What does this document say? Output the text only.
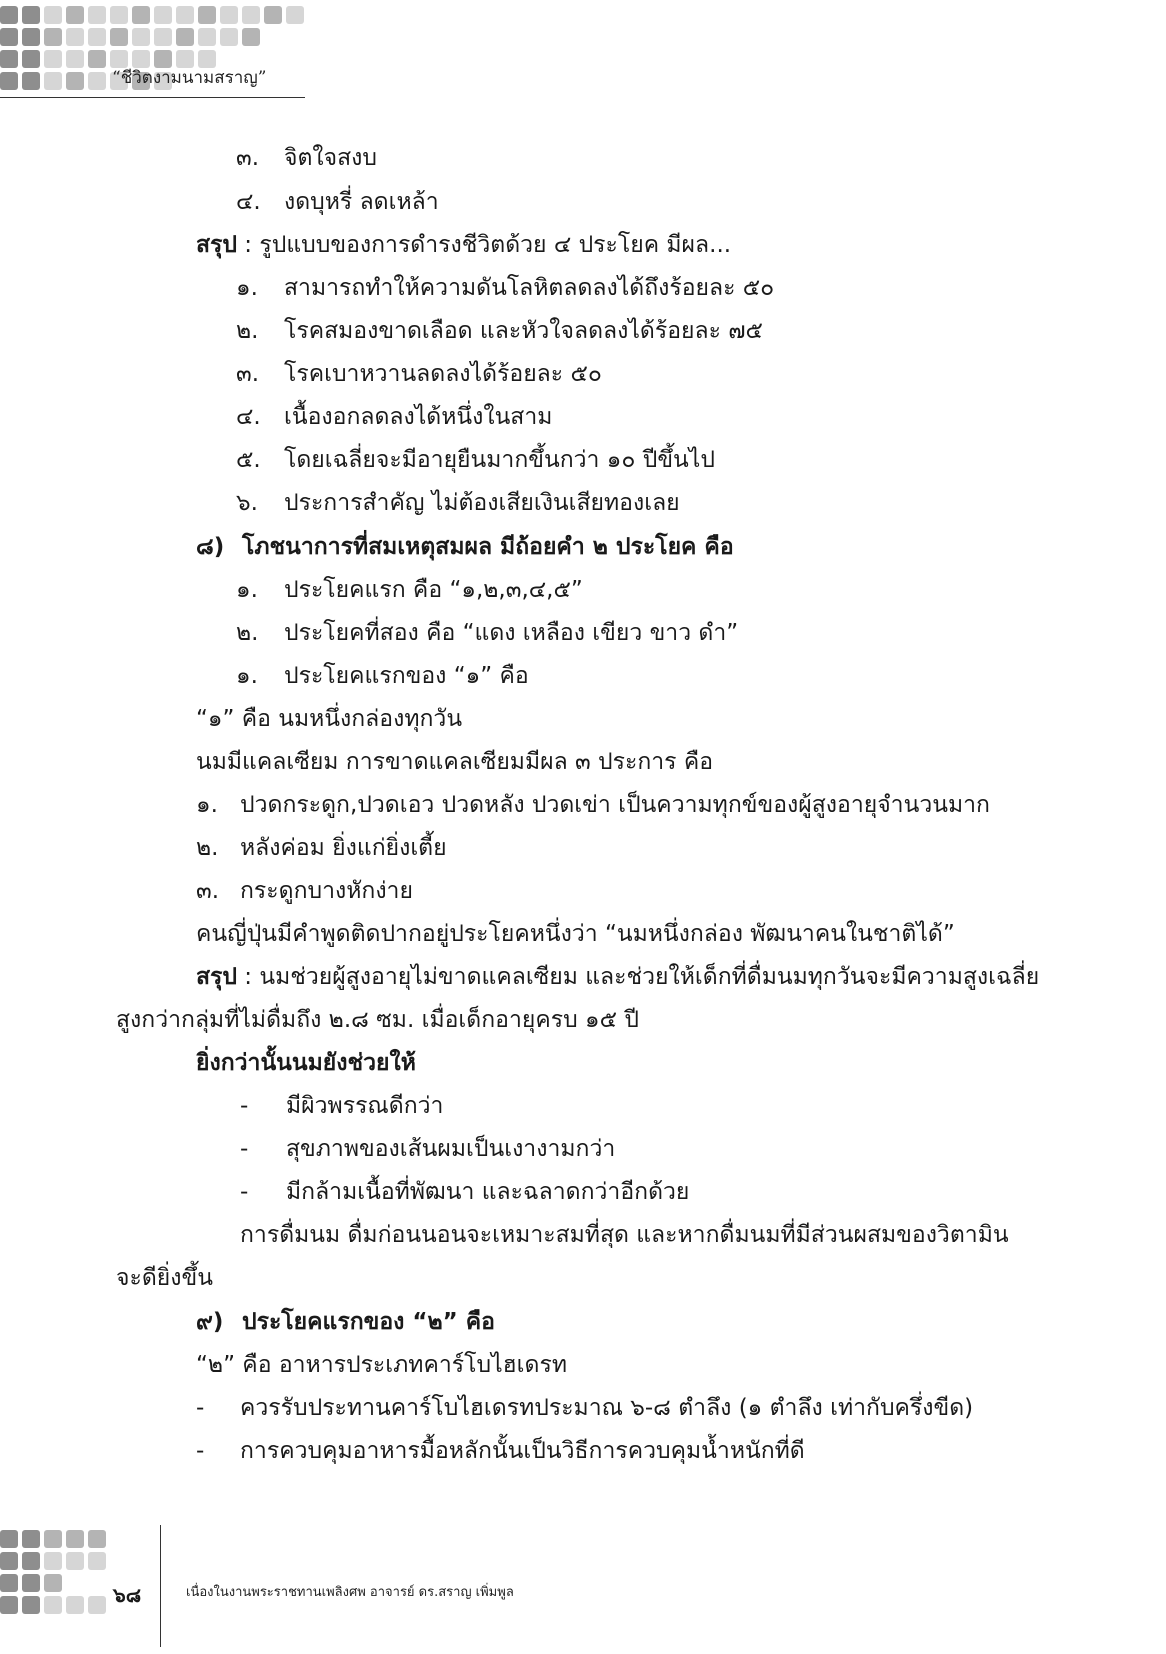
“ชีวิตงามนามสราญ”
๓. จิตใจสงบ
๔. งดบุหรี่ ลดเหล้า
สรุป : รูปแบบของการดำรงชีวิตด้วย ๔ ประโยค มีผล...
๑. สามารถทำให้ความดันโลหิตลดลงได้ถึงร้อยละ ๕๐
๒. โรคสมองขาดเลือด และหัวใจลดลงได้ร้อยละ ๗๕
๓. โรคเบาหวานลดลงได้ร้อยละ ๕๐
๔. เนื้องอกลดลงได้หนึ่งในสาม
๕. โดยเฉลี่ยจะมีอายุยืนมากขึ้นกว่า ๑๐ ปีขึ้นไป
๖. ประการสำคัญ ไม่ต้องเสียเงินเสียทองเลย
๘) โภชนาการที่สมเหตุสมผล มีถ้อยคำ ๒ ประโยค คือ
๑. ประโยคแรก คือ “๑,๒,๓,๔,๕”
๒. ประโยคที่สอง คือ “แดง เหลือง เขียว ขาว ดำ”
๑. ประโยคแรกของ “๑” คือ
“๑” คือ นมหนึ่งกล่องทุกวัน
นมมีแคลเซียม การขาดแคลเซียมมีผล ๓ ประการ คือ
๑. ปวดกระดูก,ปวดเอว ปวดหลัง ปวดเข่า เป็นความทุกข์ของผู้สูงอายุจำนวนมาก
๒. หลังค่อม ยิ่งแก่ยิ่งเตี้ย
๓. กระดูกบางหักง่าย
คนญี่ปุ่นมีคำพูดติดปากอยู่ประโยคหนึ่งว่า “นมหนึ่งกล่อง พัฒนาคนในชาติได้”
สรุป : นมช่วยผู้สูงอายุไม่ขาดแคลเซียม และช่วยให้เด็กที่ดื่มนมทุกวันจะมีความสูงเฉลี่ย
สูงกว่ากลุ่มที่ไม่ดื่มถึง ๒.๘ ซม. เมื่อเด็กอายุครบ ๑๕ ปี
ยิ่งกว่านั้นนมยังช่วยให้
- มีผิวพรรณดีกว่า
- สุขภาพของเส้นผมเป็นเงางามกว่า
- มีกล้ามเนื้อที่พัฒนา และฉลาดกว่าอีกด้วย
การดื่มนม ดื่มก่อนนอนจะเหมาะสมที่สุด และหากดื่มนมที่มีส่วนผสมของวิตามิน
จะดียิ่งขึ้น
๙) ประโยคแรกของ “๒” คือ
“๒” คือ อาหารประเภทคาร์โบไฮเดรท
- ควรรับประทานคาร์โบไฮเดรทประมาณ ๖-๘ ตำลึง (๑ ตำลึง เท่ากับครึ่งขีด)
- การควบคุมอาหารมื้อหลักนั้นเป็นวิธีการควบคุมน้ำหนักที่ดี
๖๘	เนื่องในงานพระราชทานเพลิงศพ อาจารย์ ดร.สราญ เพิ่มพูล
